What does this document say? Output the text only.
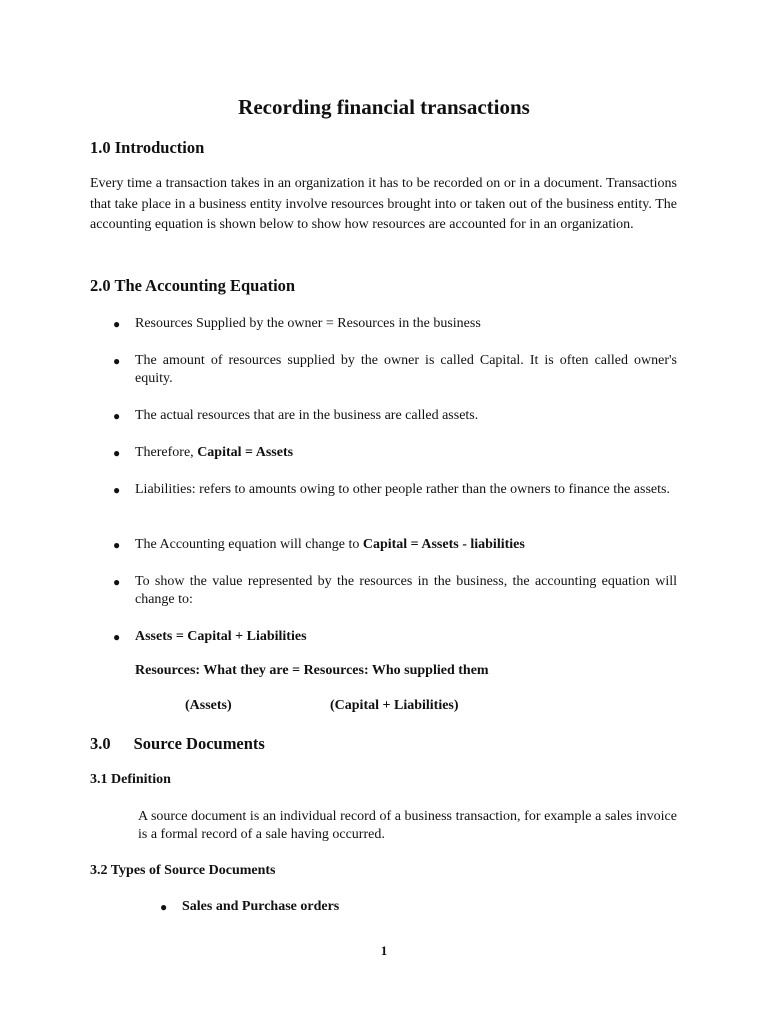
Recording financial transactions
1.0 Introduction
Every time a transaction takes in an organization it has to be recorded on or in a document. Transactions that take place in a business entity involve resources brought into or taken out of the business entity. The accounting equation is shown below to show how resources are accounted for in an organization.
2.0 The Accounting Equation
● Resources Supplied by the owner = Resources in the business
● The amount of resources supplied by the owner is called Capital. It is often called owner's equity.
● The actual resources that are in the business are called assets.
● Therefore, Capital = Assets
● Liabilities: refers to amounts owing to other people rather than the owners to finance the assets.
● The Accounting equation will change to Capital = Assets - liabilities
● To show the value represented by the resources in the business, the accounting equation will change to:
● Assets = Capital + Liabilities
Resources: What they are = Resources: Who supplied them
(Assets)	(Capital + Liabilities)
3.0 Source Documents
3.1 Definition
A source document is an individual record of a business transaction, for example a sales invoice is a formal record of a sale having occurred.
3.2 Types of Source Documents
● Sales and Purchase orders
1
